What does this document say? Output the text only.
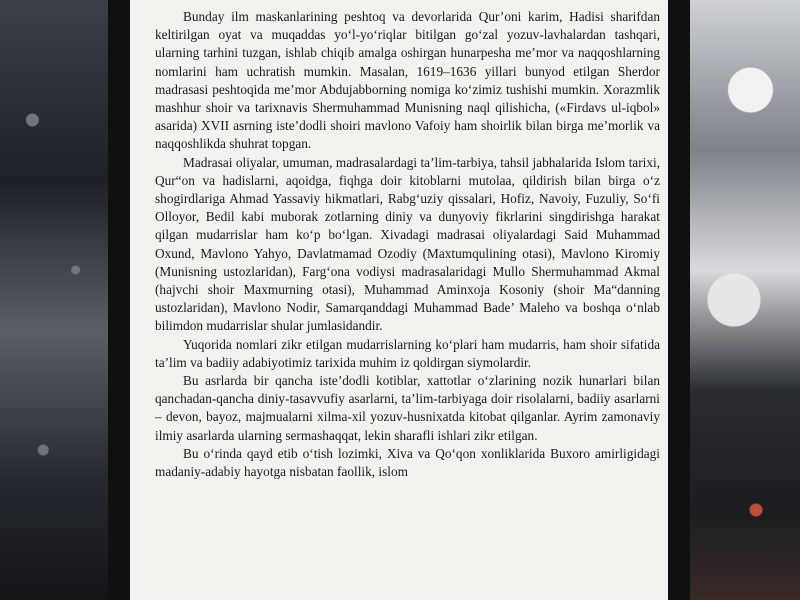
Bunday ilm maskanlarining peshtoq va devorlarida Qur’oni karim, Hadisi sharifdan keltirilgan oyat va muqaddas yo‘l-yo‘riqlar bitilgan go‘zal yozuv-lavhalardan tashqari, ularning tarhini tuzgan, ishlab chiqib amalga oshirgan hunarpesha me’mor va naqqoshlarning nomlarini ham uchratish mumkin. Masalan, 1619–1636 yillari bunyod etilgan Sherdor madrasasi peshtoqida me’mor Abdujabborning nomiga ko‘zimiz tushishi mumkin. Xorazmlik mashhur shoir va tarixnavis Shermuhammad Munisning naql qilishicha, («Firdavs ul-iqbol» asarida) XVII asrning iste’dodli shoiri mavlono Vafoiy ham shoirlik bilan birga me’morlik va naqqoshlikda shuhrat topgan.

Madrasai oliyalar, umuman, madrasalardagi ta’lim-tarbiya, tahsil jabhalarida Islom tarixi, Qur“on va hadislarni, aqoidga, fiqhga doir kitoblarni mutolaa, qildirish bilan birga o‘z shogirdlariga Ahmad Yassaviy hikmatlari, Rabg‘uziy qissalari, Hofiz, Navoiy, Fuzuliy, So‘fi Olloyor, Bedil kabi muborak zotlarning diniy va dunyoviy fikrlarini singdirishga harakat qilgan mudarrislar ham ko‘p bo‘lgan. Xivadagi madrasai oliyalardagi Said Muhammad Oxund, Mavlono Yahyo, Davlatmamad Ozodiy (Maxtumqulining otasi), Mavlono Kiromiy (Munisning ustozlaridan), Farg‘ona vodiysi madrasalaridagi Mullo Shermuhammad Akmal (hajvchi shoir Maxmurning otasi), Muhammad Aminxoja Kosoniy (shoir Ma“danning ustozlaridan), Mavlono Nodir, Samarqanddagi Muhammad Bade’ Maleho va boshqa o‘nlab bilimdon mudarrislar shular jumlasidandir.

Yuqorida nomlari zikr etilgan mudarrislarning ko‘plari ham mudarris, ham shoir sifatida ta’lim va badiiy adabiyotimiz tarixida muhim iz qoldirgan siymolardir.

Bu asrlarda bir qancha iste’dodli kotiblar, xattotlar o‘zlarining nozik hunarlari bilan qanchadan-qancha diniy-tasavvufiy asarlarni, ta’lim-tarbiyaga doir risolalarni, badiiy asarlarni – devon, bayoz, majmualarni xilma-xil yozuv-husnixatda kitobat qilganlar. Ayrim zamonaviy ilmiy asarlarda ularning sermashaqqat, lekin sharafli ishlari zikr etilgan.

Bu o‘rinda qayd etib o‘tish lozimki, Xiva va Qo‘qon xonliklarida Buxoro amirligidagi madaniy-adabiy hayotga nisbatan faollik, islom
